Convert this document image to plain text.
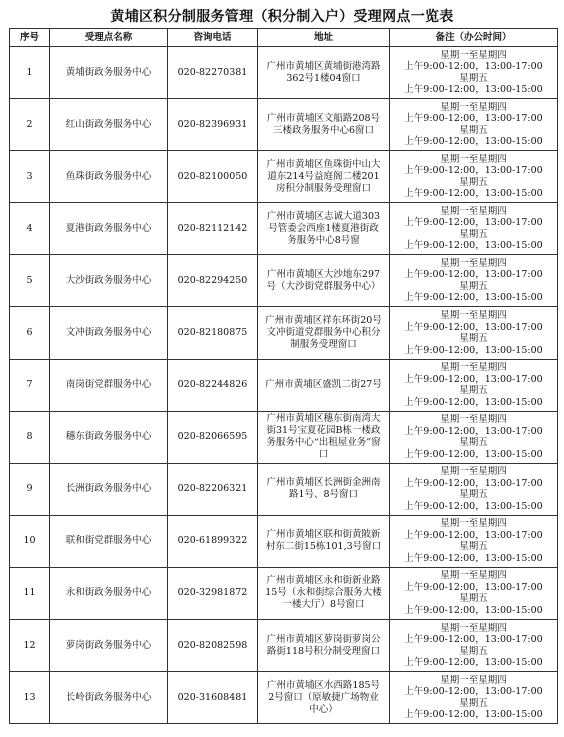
黄埔区积分制服务管理（积分制入户）受理网点一览表
序号	受理点名称	咨询电话	地址	备注（办公时间）
1	黄埔街政务服务中心	020-82270381	广州市黄埔区黄埔街港湾路362号1楼04窗口	星期一至星期四
上午9:00-12:00，13:00-17:00
星期五
上午9:00-12:00，13:00-15:00

2	红山街政务服务中心	020-82396931	广州市黄埔区文船路208号三楼政务服务中心6窗口	星期一至星期四
上午9:00-12:00，13:00-17:00
星期五
上午9:00-12:00，13:00-15:00

3	鱼珠街政务服务中心	020-82100050	广州市黄埔区鱼珠街中山大道东214号益庭阁二楼201房积分制服务受理窗口	星期一至星期四
上午9:00-12:00，13:00-17:00
星期五
上午9:00-12:00，13:00-15:00

4	夏港街政务服务中心	020-82112142	广州市黄埔区志诚大道303号管委会西座1楼夏港街政务服务中心8号窗	星期一至星期四
上午9:00-12:00，13:00-17:00
星期五
上午9:00-12:00，13:00-15:00

5	大沙街政务服务中心	020-82294250	广州市黄埔区大沙地东297号（大沙街党群服务中心）	星期一至星期四
上午9:00-12:00，13:00-17:00
星期五
上午9:00-12:00，13:00-15:00

6	文冲街政务服务中心	020-82180875	广州市黄埔区祥东环街20号文冲街道党群服务中心积分制服务受理窗口	星期一至星期四
上午9:00-12:00，13:00-17:00
星期五
上午9:00-12:00，13:00-15:00

7	南岗街党群服务中心	020-82244826	广州市黄埔区盛凯二街27号	星期一至星期四
上午9:00-12:00，13:00-17:00
星期五
上午9:00-12:00，13:00-15:00

8	穗东街政务服务中心	020-82066595	广州市黄埔区穗东街南湾大街31号宝夏花园B栋一楼政务服务中心“出租屋业务”窗口	星期一至星期四
上午9:00-12:00，13:00-17:00
星期五
上午9:00-12:00，13:00-15:00

9	长洲街政务服务中心	020-82206321	广州市黄埔区长洲街金洲南路1号、8号窗口	星期一至星期四
上午9:00-12:00，13:00-17:00
星期五
上午9:00-12:00，13:00-15:00

10	联和街党群服务中心	020-61899322	广州市黄埔区联和街黄陂新村东二街15栋101,3号窗口	星期一至星期四
上午9:00-12:00，13:00-17:00
星期五
上午9:00-12:00，13:00-15:00

11	永和街政务服务中心	020-32981872	广州市黄埔区永和街新业路15号（永和街综合服务大楼一楼大厅）8号窗口	星期一至星期四
上午9:00-12:00，13:00-17:00
星期五
上午9:00-12:00，13:00-15:00

12	萝岗街政务服务中心	020-82082598	广州市黄埔区萝岗街萝岗公路街118号积分制受理窗口	星期一至星期四
上午9:00-12:00，13:00-17:00
星期五
上午9:00-12:00，13:00-15:00

13	长岭街政务服务中心	020-31608481	广州市黄埔区水西路185号2号窗口（原敏捷广场物业中心）	星期一至星期四
上午9:00-12:00，13:00-17:00
星期五
上午9:00-12:00，13:00-15:00
